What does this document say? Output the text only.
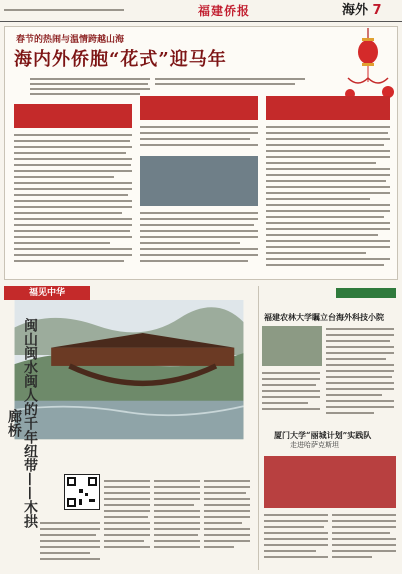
福建侨报	海外 7
春节的热闹与温情跨越山海
海内外侨胞“花式”迎马年
福见中华
闽山闽水闽人的千年纽带——木拱廊桥
福建农林大学瞩立台海外科技小院
厦门大学“丽城计划”实践队
走进哈萨克斯坦
